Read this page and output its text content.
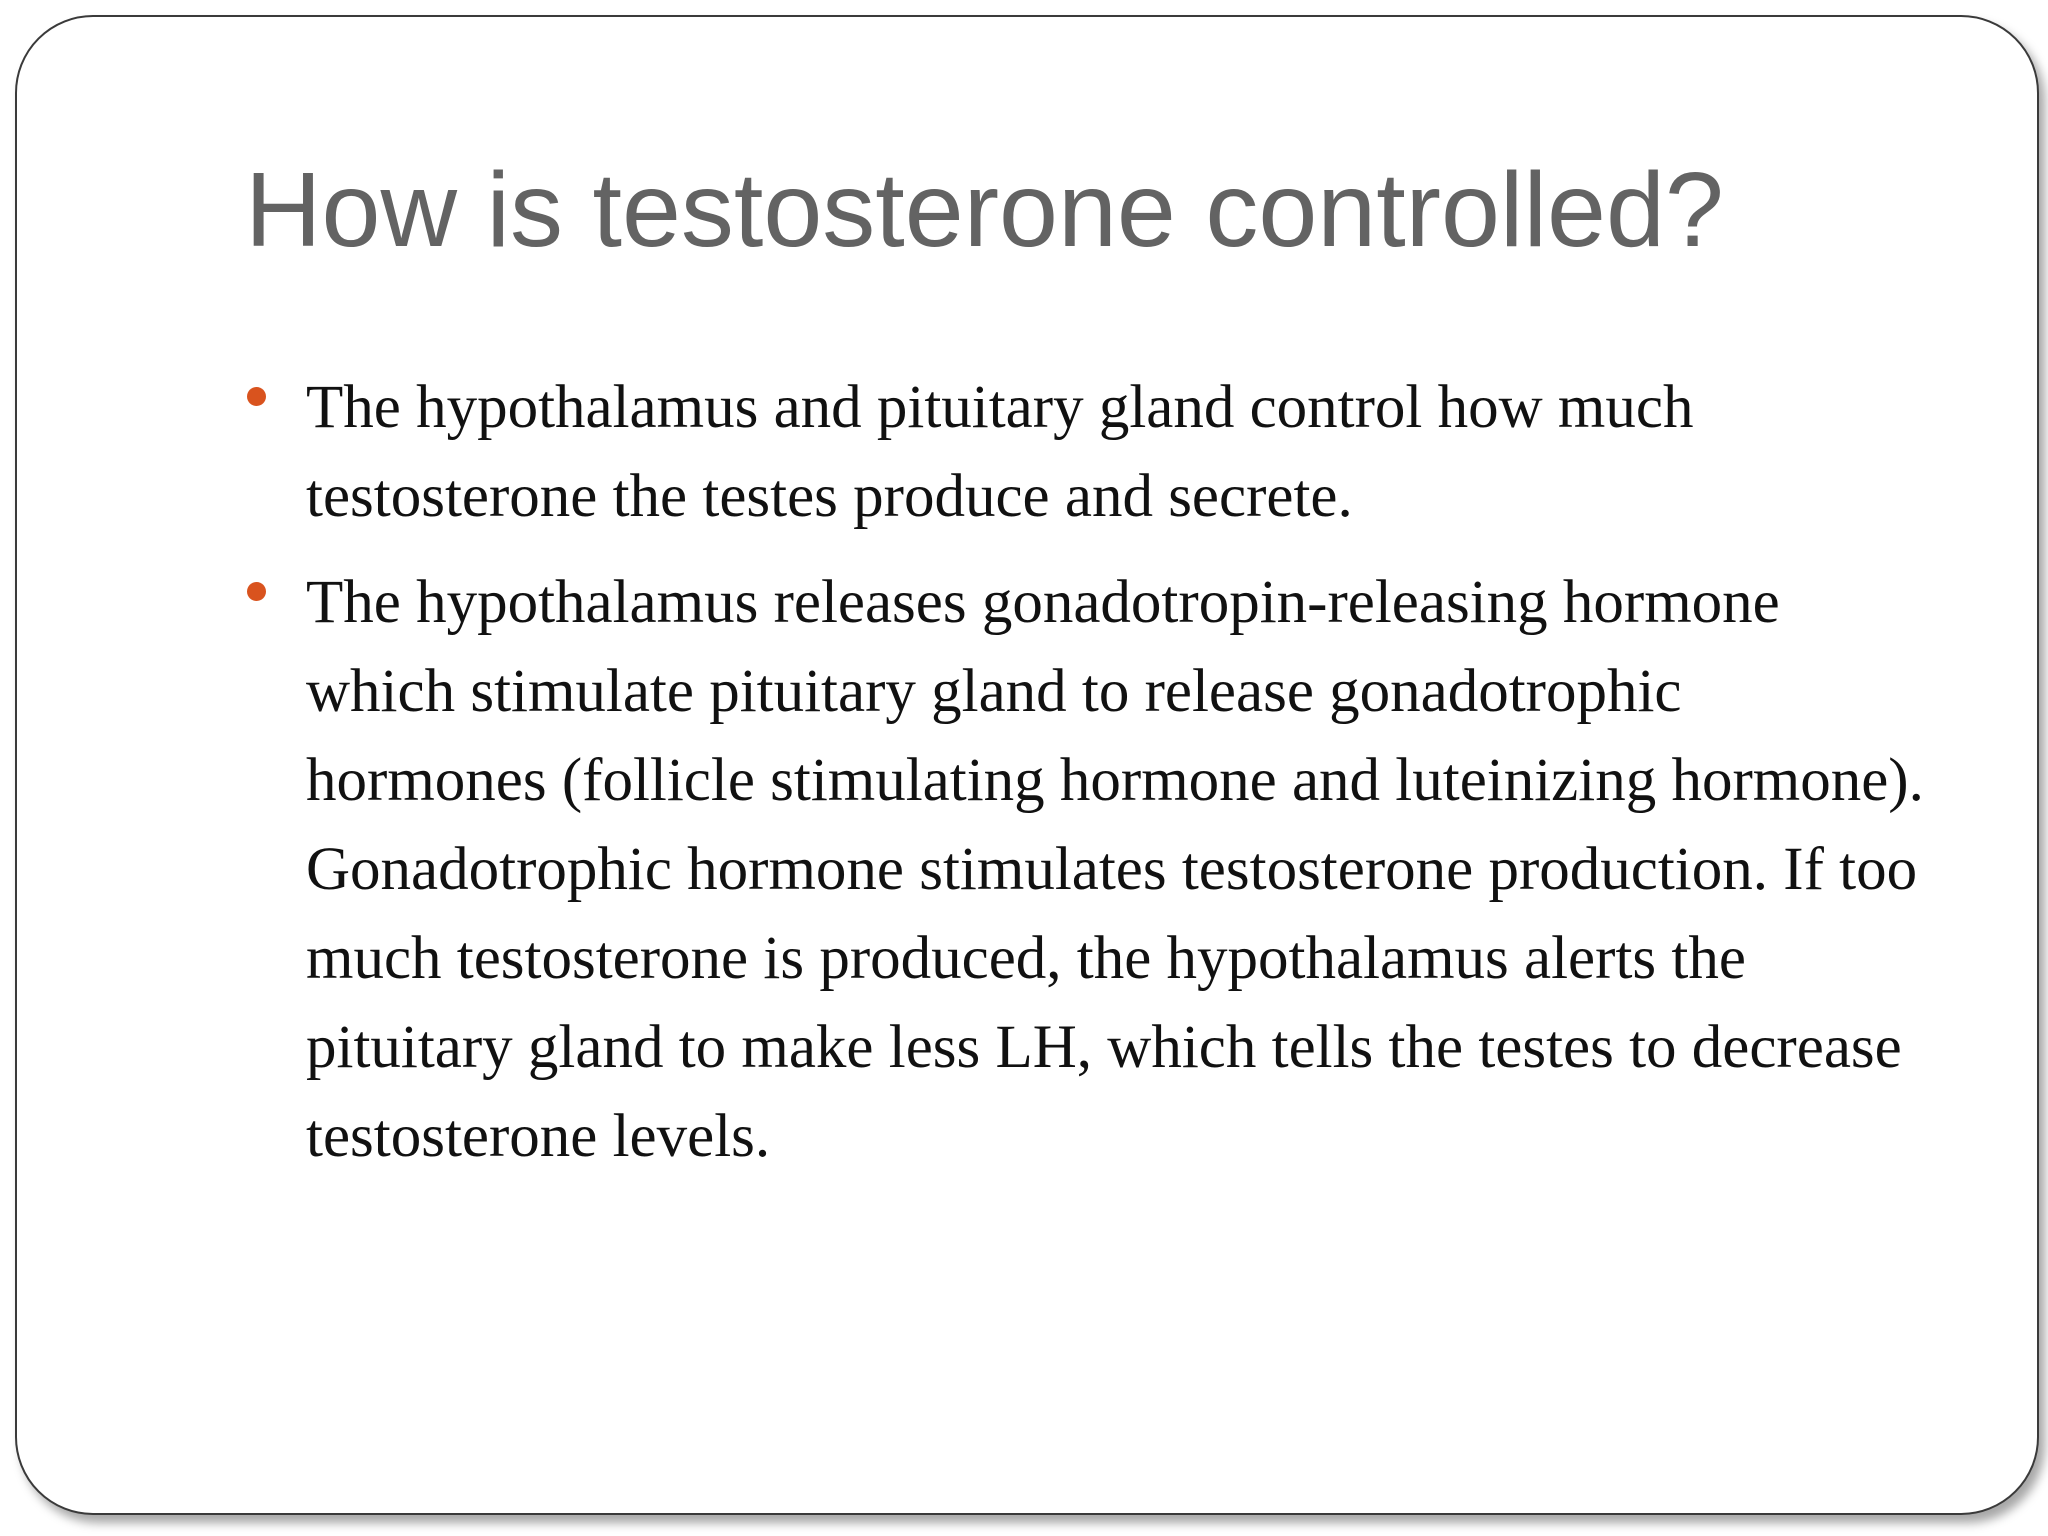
How is testosterone controlled?
The hypothalamus and pituitary gland control how much testosterone the testes produce and secrete.
The hypothalamus releases gonadotropin-releasing hormone which stimulate pituitary gland to release gonadotrophic hormones (follicle stimulating hormone and luteinizing hormone). Gonadotrophic hormone stimulates testosterone production. If too much testosterone is produced, the hypothalamus alerts the pituitary gland to make less LH, which tells the testes to decrease testosterone levels.
